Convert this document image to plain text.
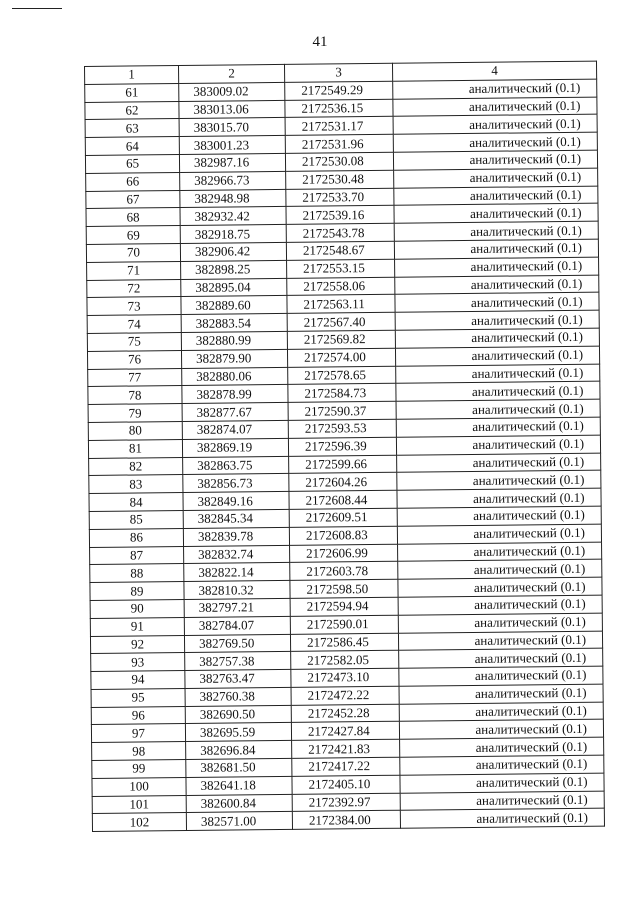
41
1	2	3	4
61	383009.02	2172549.29	аналитический (0.1)
62	383013.06	2172536.15	аналитический (0.1)
63	383015.70	2172531.17	аналитический (0.1)
64	383001.23	2172531.96	аналитический (0.1)
65	382987.16	2172530.08	аналитический (0.1)
66	382966.73	2172530.48	аналитический (0.1)
67	382948.98	2172533.70	аналитический (0.1)
68	382932.42	2172539.16	аналитический (0.1)
69	382918.75	2172543.78	аналитический (0.1)
70	382906.42	2172548.67	аналитический (0.1)
71	382898.25	2172553.15	аналитический (0.1)
72	382895.04	2172558.06	аналитический (0.1)
73	382889.60	2172563.11	аналитический (0.1)
74	382883.54	2172567.40	аналитический (0.1)
75	382880.99	2172569.82	аналитический (0.1)
76	382879.90	2172574.00	аналитический (0.1)
77	382880.06	2172578.65	аналитический (0.1)
78	382878.99	2172584.73	аналитический (0.1)
79	382877.67	2172590.37	аналитический (0.1)
80	382874.07	2172593.53	аналитический (0.1)
81	382869.19	2172596.39	аналитический (0.1)
82	382863.75	2172599.66	аналитический (0.1)
83	382856.73	2172604.26	аналитический (0.1)
84	382849.16	2172608.44	аналитический (0.1)
85	382845.34	2172609.51	аналитический (0.1)
86	382839.78	2172608.83	аналитический (0.1)
87	382832.74	2172606.99	аналитический (0.1)
88	382822.14	2172603.78	аналитический (0.1)
89	382810.32	2172598.50	аналитический (0.1)
90	382797.21	2172594.94	аналитический (0.1)
91	382784.07	2172590.01	аналитический (0.1)
92	382769.50	2172586.45	аналитический (0.1)
93	382757.38	2172582.05	аналитический (0.1)
94	382763.47	2172473.10	аналитический (0.1)
95	382760.38	2172472.22	аналитический (0.1)
96	382690.50	2172452.28	аналитический (0.1)
97	382695.59	2172427.84	аналитический (0.1)
98	382696.84	2172421.83	аналитический (0.1)
99	382681.50	2172417.22	аналитический (0.1)
100	382641.18	2172405.10	аналитический (0.1)
101	382600.84	2172392.97	аналитический (0.1)
102	382571.00	2172384.00	аналитический (0.1)
